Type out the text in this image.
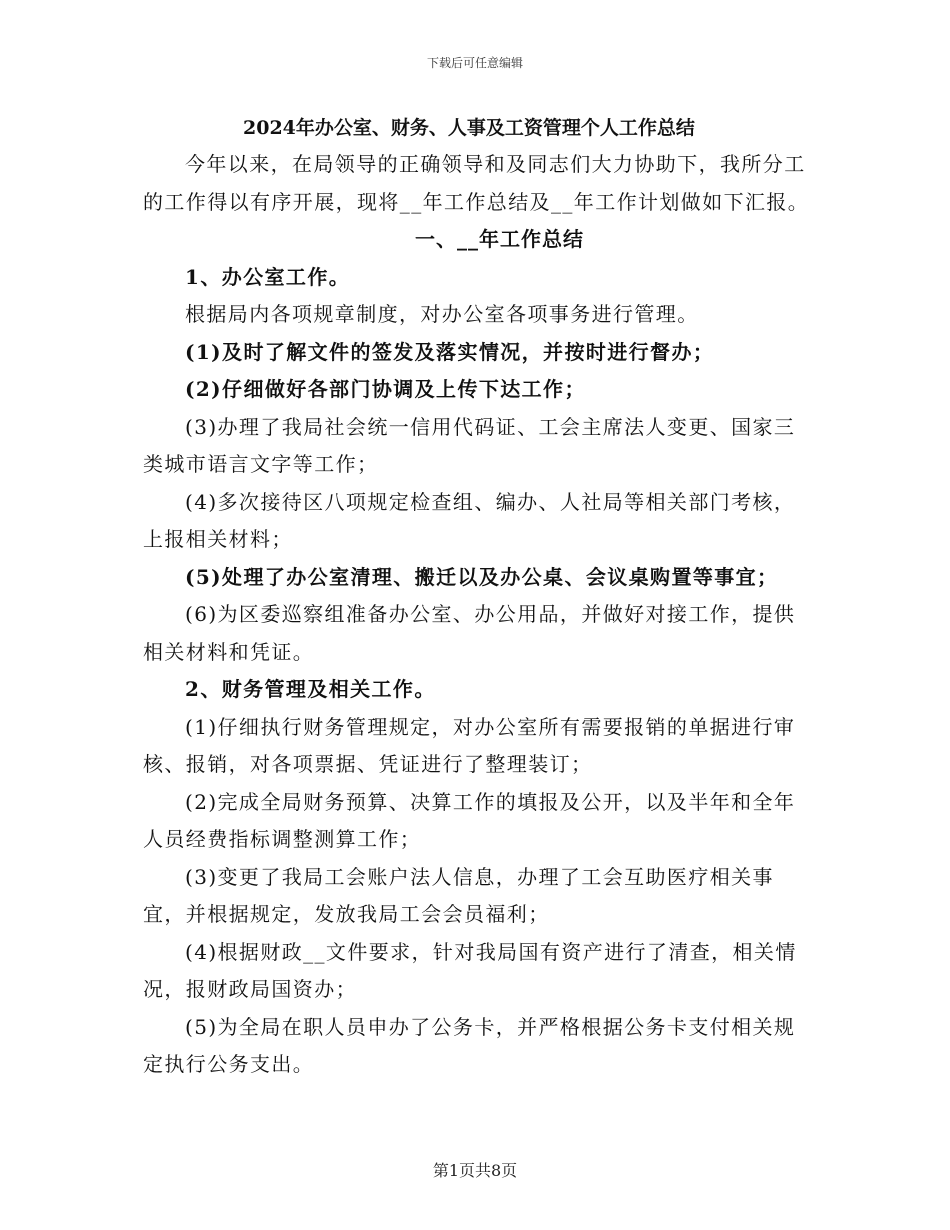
下载后可任意编辑
2024年办公室、财务、人事及工资管理个人工作总结

今年以来，在局领导的正确领导和及同志们大力协助下，我所分工的工作得以有序开展，现将__年工作总结及__年工作计划做如下汇报。

一、__年工作总结

1、办公室工作。

根据局内各项规章制度，对办公室各项事务进行管理。

(1)及时了解文件的签发及落实情况，并按时进行督办；

(2)仔细做好各部门协调及上传下达工作；

(3)办理了我局社会统一信用代码证、工会主席法人变更、国家三类城市语言文字等工作；

(4)多次接待区八项规定检查组、编办、人社局等相关部门考核，上报相关材料；

(5)处理了办公室清理、搬迁以及办公桌、会议桌购置等事宜；

(6)为区委巡察组准备办公室、办公用品，并做好对接工作，提供相关材料和凭证。

2、财务管理及相关工作。

(1)仔细执行财务管理规定，对办公室所有需要报销的单据进行审核、报销，对各项票据、凭证进行了整理装订；

(2)完成全局财务预算、决算工作的填报及公开，以及半年和全年人员经费指标调整测算工作；

(3)变更了我局工会账户法人信息，办理了工会互助医疗相关事宜，并根据规定，发放我局工会会员福利；

(4)根据财政__文件要求，针对我局国有资产进行了清查，相关情况，报财政局国资办；

(5)为全局在职人员申办了公务卡，并严格根据公务卡支付相关规定执行公务支出。

第1页共8页
